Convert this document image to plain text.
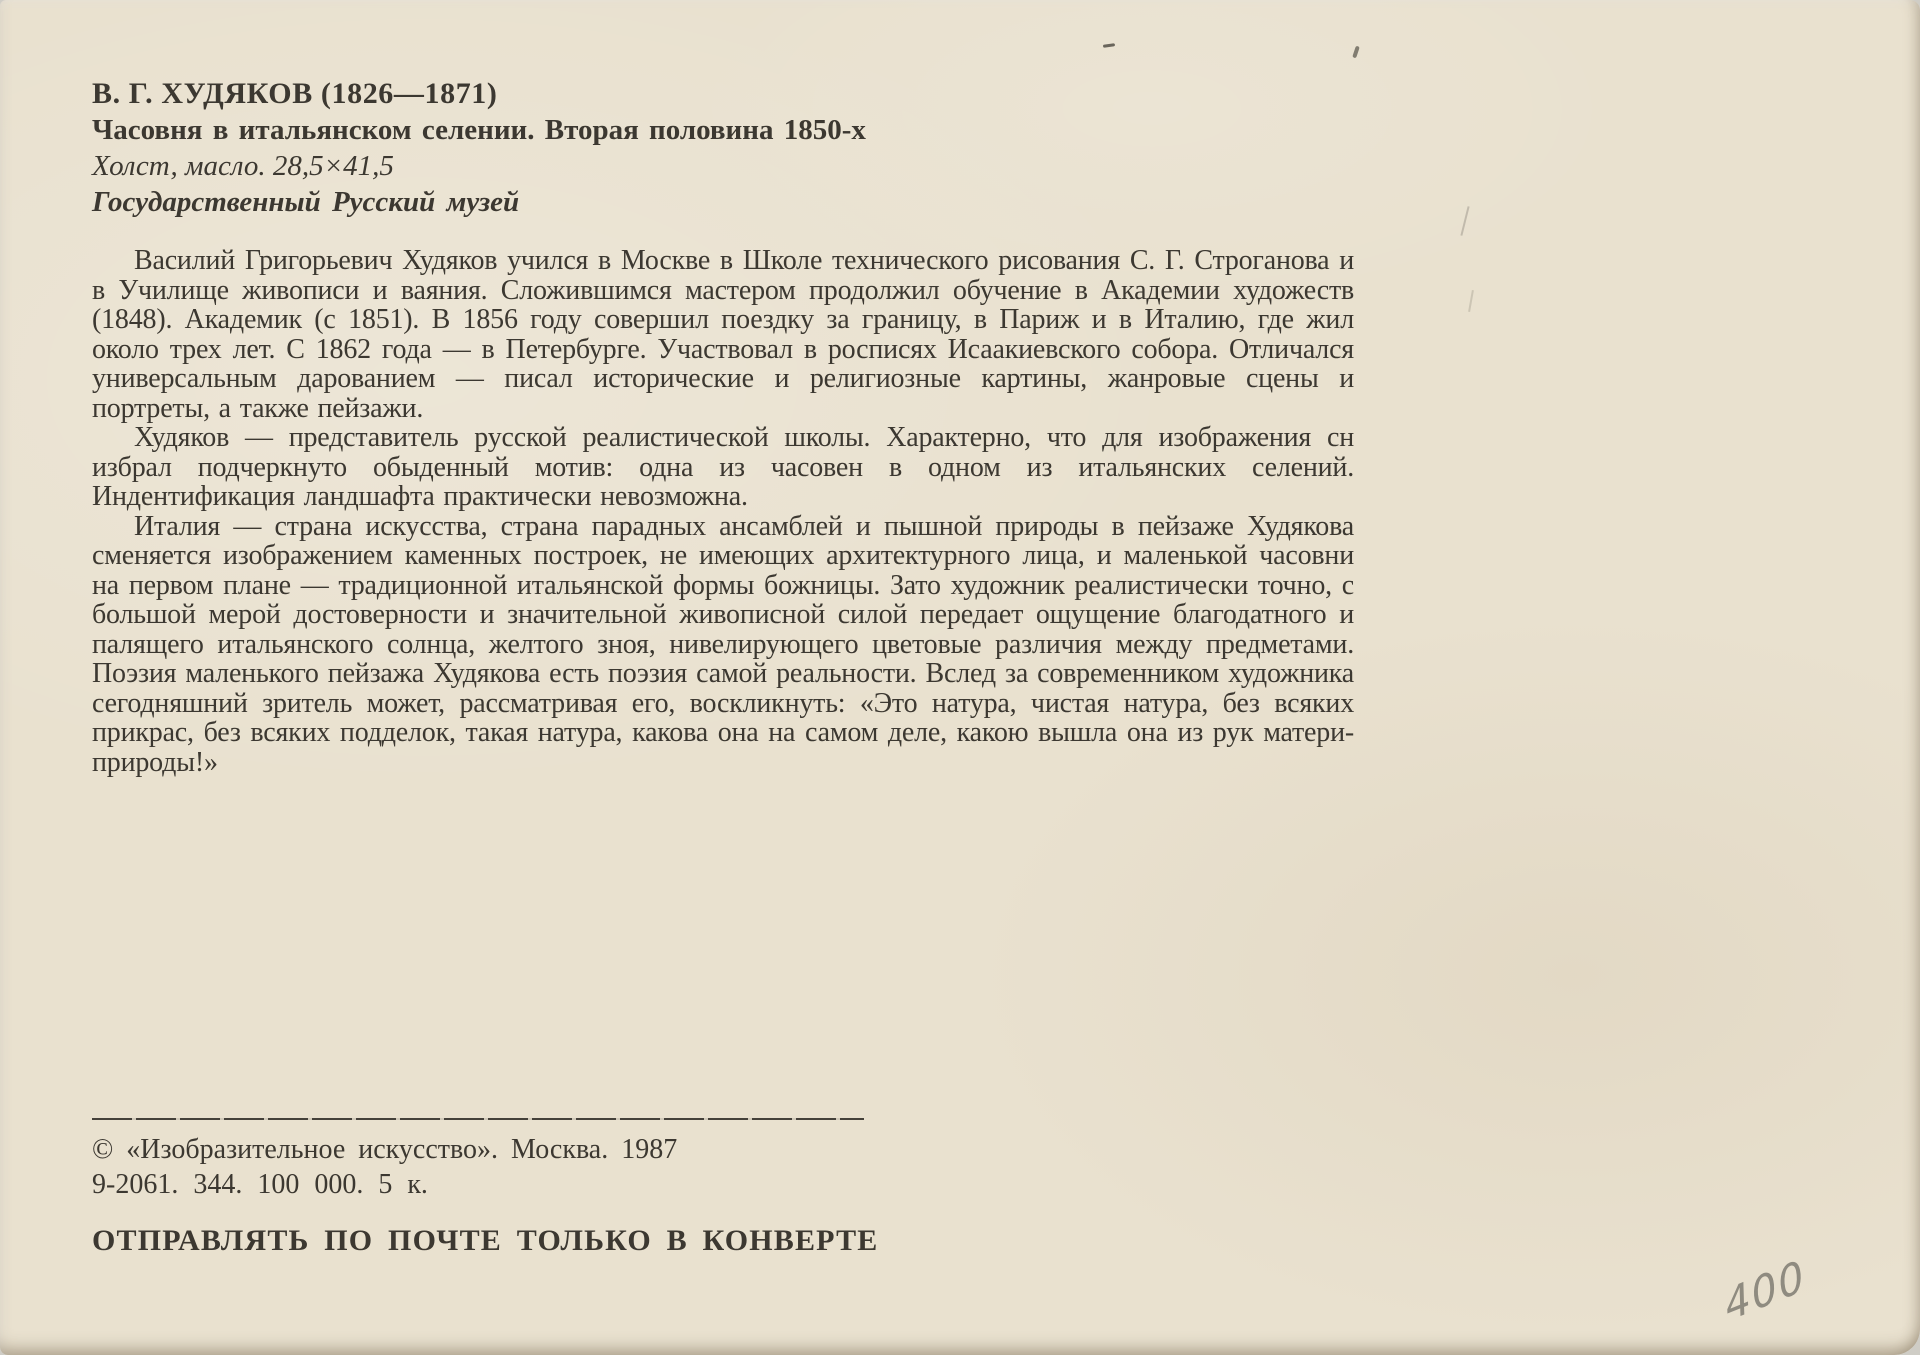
В. Г. ХУДЯКОВ (1826—1871)
Часовня в итальянском селении. Вторая половина 1850-х
Холст, масло. 28,5×41,5
Государственный Русский музей

Василий Григорьевич Худяков учился в Москве в Школе технического рисования С. Г. Строганова и в Училище живописи и ваяния. Сложившимся мастером продолжил обучение в Академии художеств (1848). Академик (с 1851). В 1856 году совершил поездку за границу, в Париж и в Италию, где жил около трех лет. С 1862 года — в Петербурге. Участвовал в росписях Исаакиевского собора. Отличался универсальным дарованием — писал исторические и религиозные картины, жанровые сцены и портреты, а также пейзажи.

Худяков — представитель русской реалистической школы. Характерно, что для изображения сн избрал подчеркнуто обыденный мотив: одна из часовен в одном из итальянских селений. Индентификация ландшафта практически невозможна.

Италия — страна искусства, страна парадных ансамблей и пышной природы в пейзаже Худякова сменяется изображением каменных построек, не имеющих архитектурного лица, и маленькой часовни на первом плане — традиционной итальянской формы божницы. Зато художник реалистически точно, с большой мерой достоверности и значительной живописной силой передает ощущение благодатного и палящего итальянского солнца, желтого зноя, нивелирующего цветовые различия между предметами. Поэзия маленького пейзажа Худякова есть поэзия самой реальности. Вслед за современником художника сегодняшний зритель может, рассматривая его, воскликнуть: «Это натура, чистая натура, без всяких прикрас, без всяких подделок, такая натура, какова она на самом деле, какою вышла она из рук матери-природы!»

© «Изобразительное искусство». Москва. 1987
9-2061. 344. 100 000. 5 к.
ОТПРАВЛЯТЬ ПО ПОЧТЕ ТОЛЬКО В КОНВЕРТЕ
400
